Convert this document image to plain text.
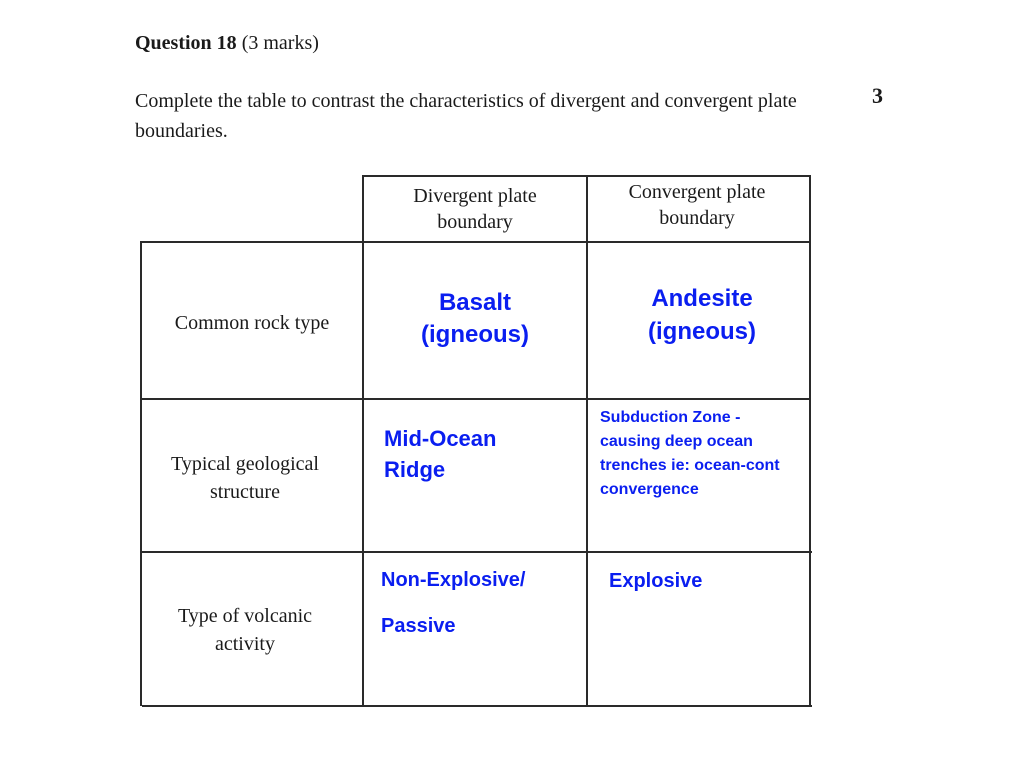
Question 18 (3 marks)
Complete the table to contrast the characteristics of divergent and convergent plate boundaries.
3
Divergent plate boundary
Convergent plate boundary
Common rock type
Typical geological structure
Type of volcanic activity
Basalt (igneous)
Andesite (igneous)
Mid-Ocean Ridge
Subduction Zone - causing deep ocean trenches ie: ocean-cont convergence
Non-Explosive/
Passive
Explosive
